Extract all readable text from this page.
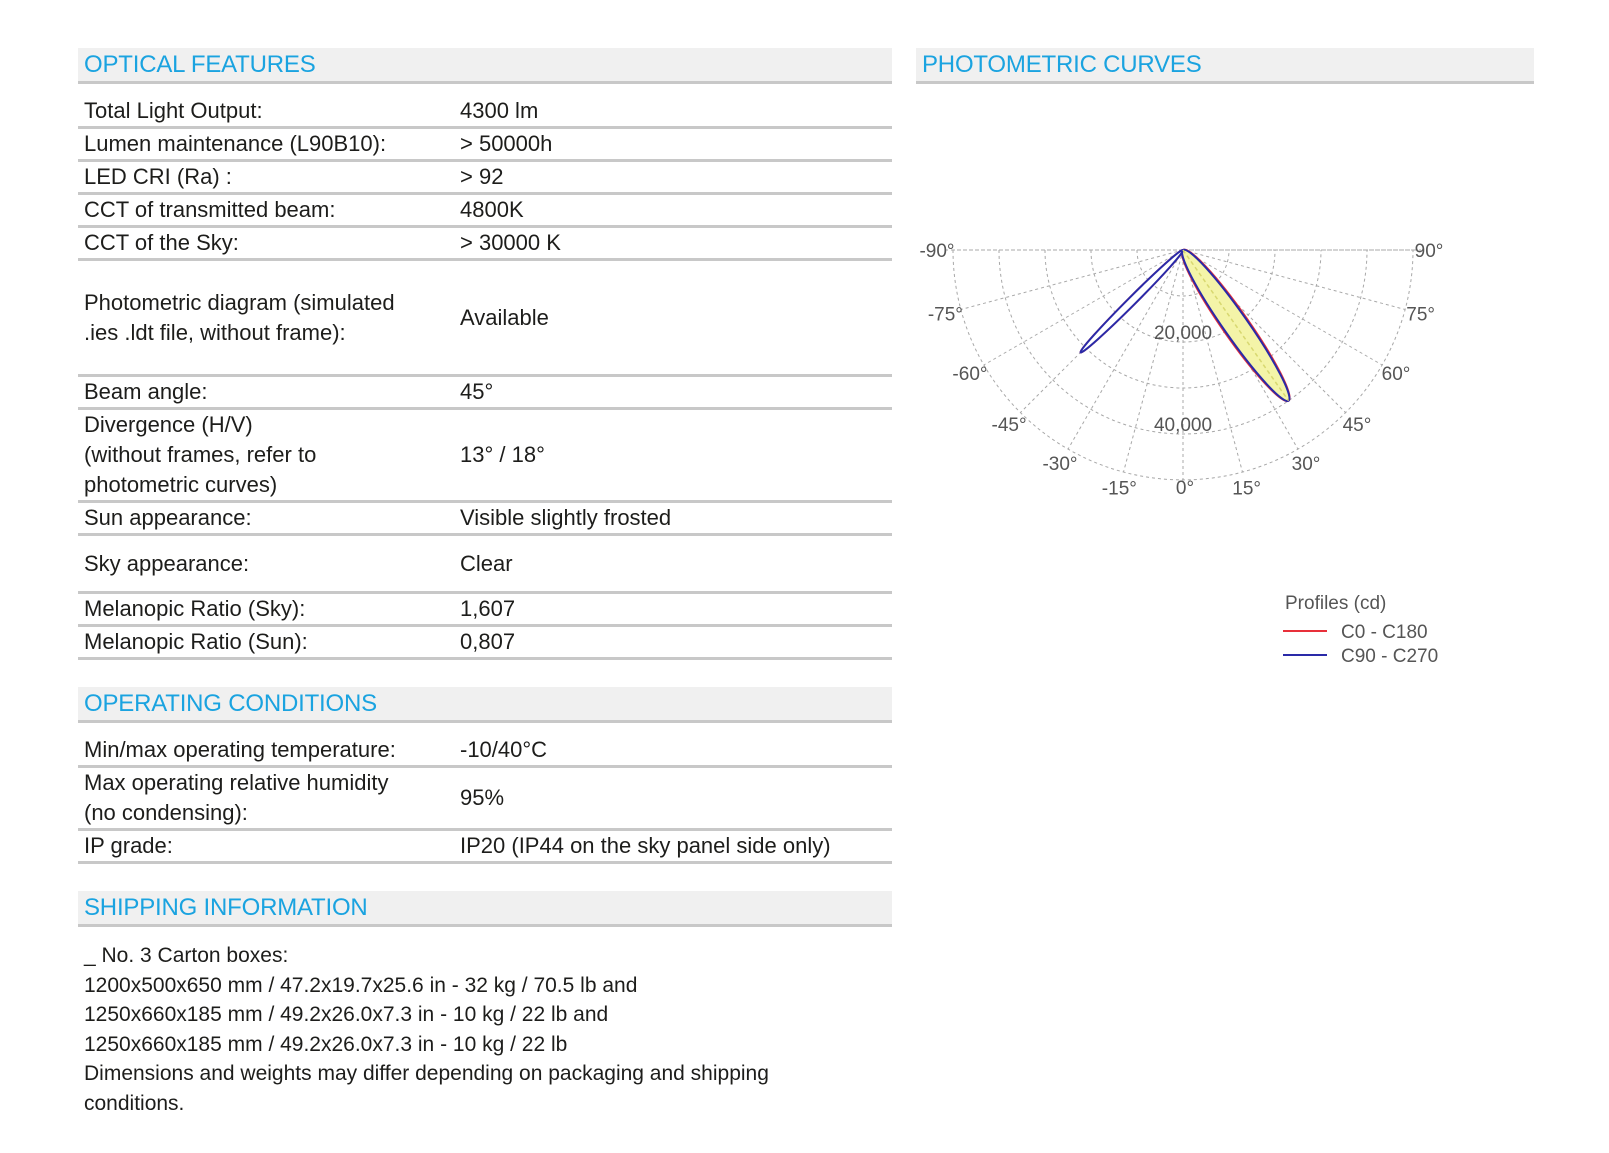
OPTICAL FEATURES
Total Light Output:	4300 lm
Lumen maintenance (L90B10):	> 50000h
LED CRI (Ra) :	> 92
CCT of transmitted beam:	4800K
CCT of the Sky:	> 30000 K
Photometric diagram (simulated
.ies .ldt file, without frame):	Available
Beam angle:	45°
Divergence (H/V)
(without frames, refer to
photometric curves)	13° / 18°
Sun appearance:	Visible slightly frosted
Sky appearance:	Clear
Melanopic Ratio (Sky):	1,607
Melanopic Ratio (Sun):	0,807
OPERATING CONDITIONS
Min/max operating temperature:	-10/40°C
Max operating relative humidity
(no condensing):	95%
IP grade:	IP20 (IP44 on the sky panel side only)
SHIPPING INFORMATION
_ No. 3 Carton boxes:
1200x500x650 mm / 47.2x19.7x25.6 in - 32 kg / 70.5 lb and
1250x660x185 mm / 49.2x26.0x7.3 in - 10 kg / 22 lb and
1250x660x185 mm / 49.2x26.0x7.3 in - 10 kg / 22 lb
Dimensions and weights may differ depending on packaging and shipping
conditions.
PHOTOMETRIC CURVES
-90°	90°
-75°	75°
-60°	60°
-45°	45°
-30°	30°
-15°	15°
0°
20,000
40,000
Profiles (cd)
C0 - C180
C90 - C270
